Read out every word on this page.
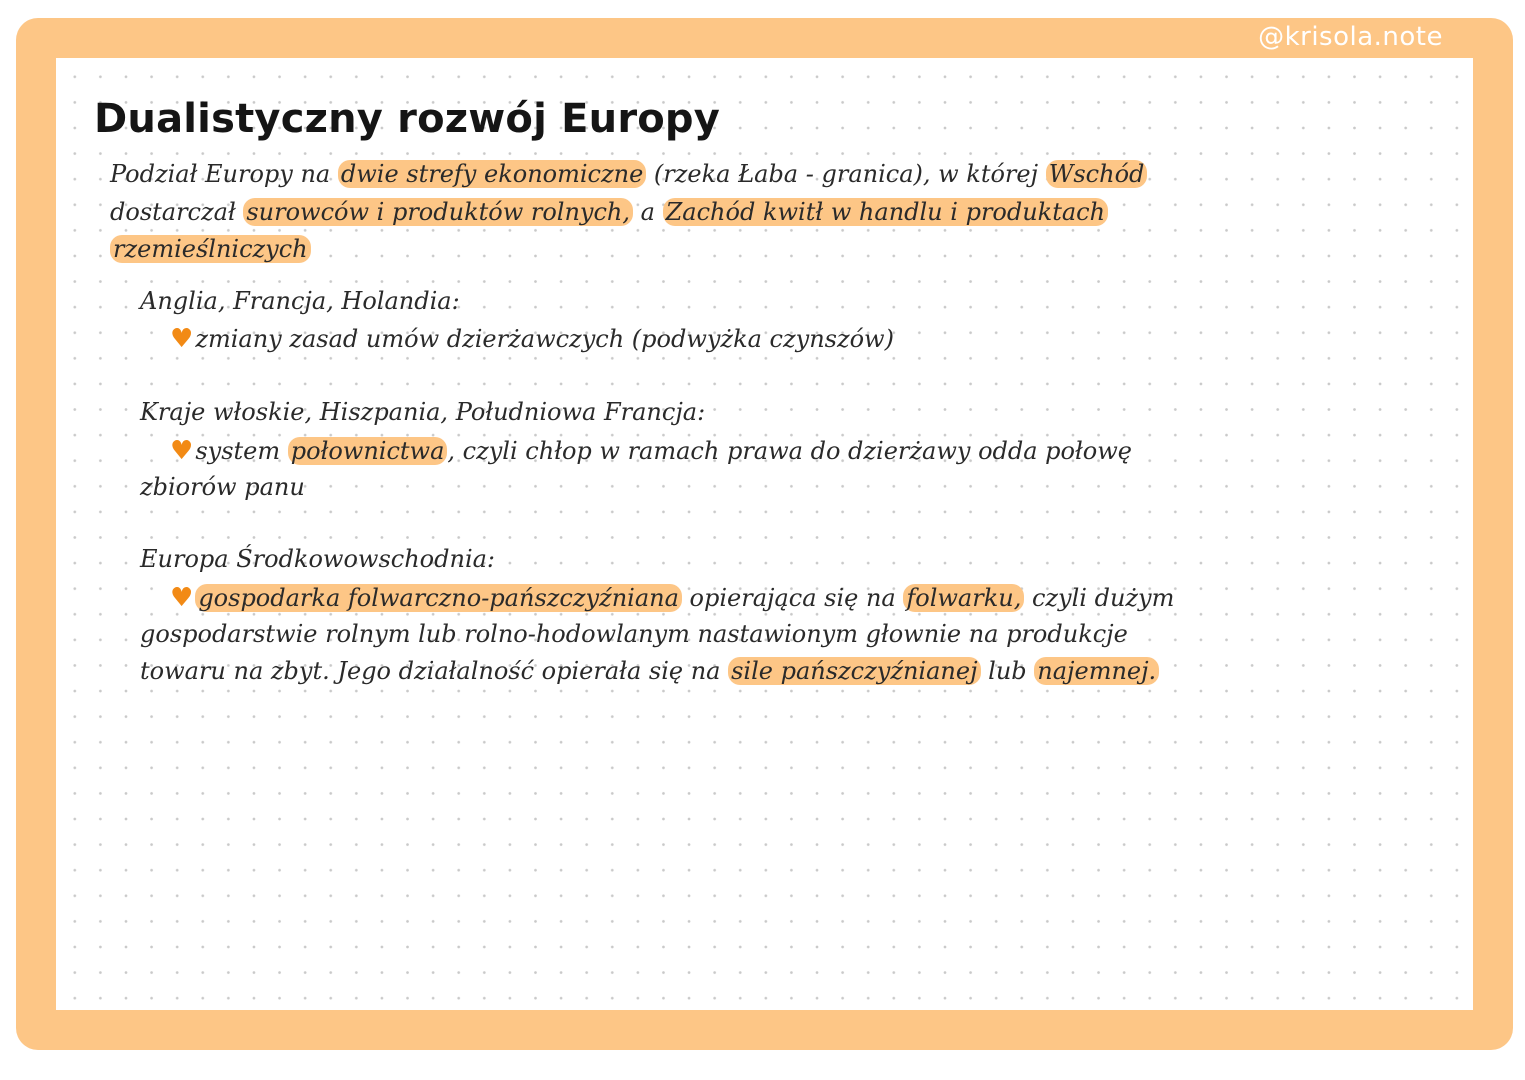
@krisola.note
Dualistyczny rozwój Europy

Podział Europy na dwie strefy ekonomiczne (rzeka Łaba - granica), w której Wschód

dostarczał surowców i produktów rolnych, a Zachód kwitł w handlu i produktach

rzemieślniczych

Anglia, Francja, Holandia:

♥zmiany zasad umów dzierżawczych (podwyżka czynszów)

Kraje włoskie, Hiszpania, Południowa Francja:

♥system połownictwa , czyli chłop w ramach prawa do dzierżawy odda połowę

zbiorów panu

Europa Środkowowschodnia:

♥ gospodarka folwarczno-pańszczyźniana opierająca się na folwarku, czyli dużym

gospodarstwie rolnym lub rolno-hodowlanym nastawionym głownie na produkcje

towaru na zbyt. Jego działalność opierała się na sile pańszczyźnianej lub najemnej.
